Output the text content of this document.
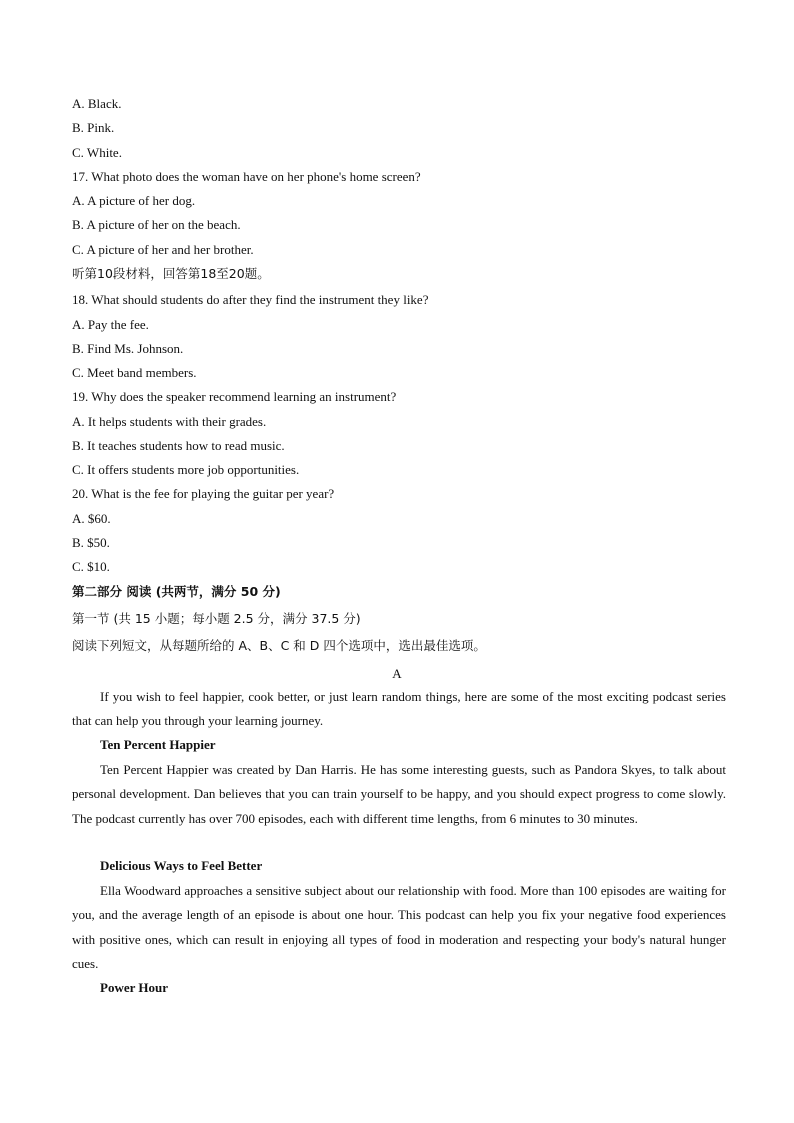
A. Black.
B. Pink.
C. White.
17. What photo does the woman have on her phone's home screen?
A. A picture of her dog.
B. A picture of her on the beach.
C. A picture of her and her brother.
听第10段材料，回答第18至20题。
18. What should students do after they find the instrument they like?
A. Pay the fee.
B. Find Ms. Johnson.
C. Meet band members.
19. Why does the speaker recommend learning an instrument?
A. It helps students with their grades.
B. It teaches students how to read music.
C. It offers students more job opportunities.
20. What is the fee for playing the guitar per year?
A. $60.
B. $50.
C. $10.
第二部分 阅读 (共两节，满分 50 分)
第一节 (共 15 小题；每小题 2.5 分，满分 37.5 分)
阅读下列短文，从每题所给的 A、B、C 和 D 四个选项中，选出最佳选项。
A
If you wish to feel happier, cook better, or just learn random things, here are some of the most exciting podcast series that can help you through your learning journey.
Ten Percent Happier
Ten Percent Happier was created by Dan Harris. He has some interesting guests, such as Pandora Skyes, to talk about personal development. Dan believes that you can train yourself to be happy, and you should expect progress to come slowly. The podcast currently has over 700 episodes, each with different time lengths, from 6 minutes to 30 minutes.
Delicious Ways to Feel Better
Ella Woodward approaches a sensitive subject about our relationship with food. More than 100 episodes are waiting for you, and the average length of an episode is about one hour. This podcast can help you fix your negative food experiences with positive ones, which can result in enjoying all types of food in moderation and respecting your body's natural hunger cues.
Power Hour
